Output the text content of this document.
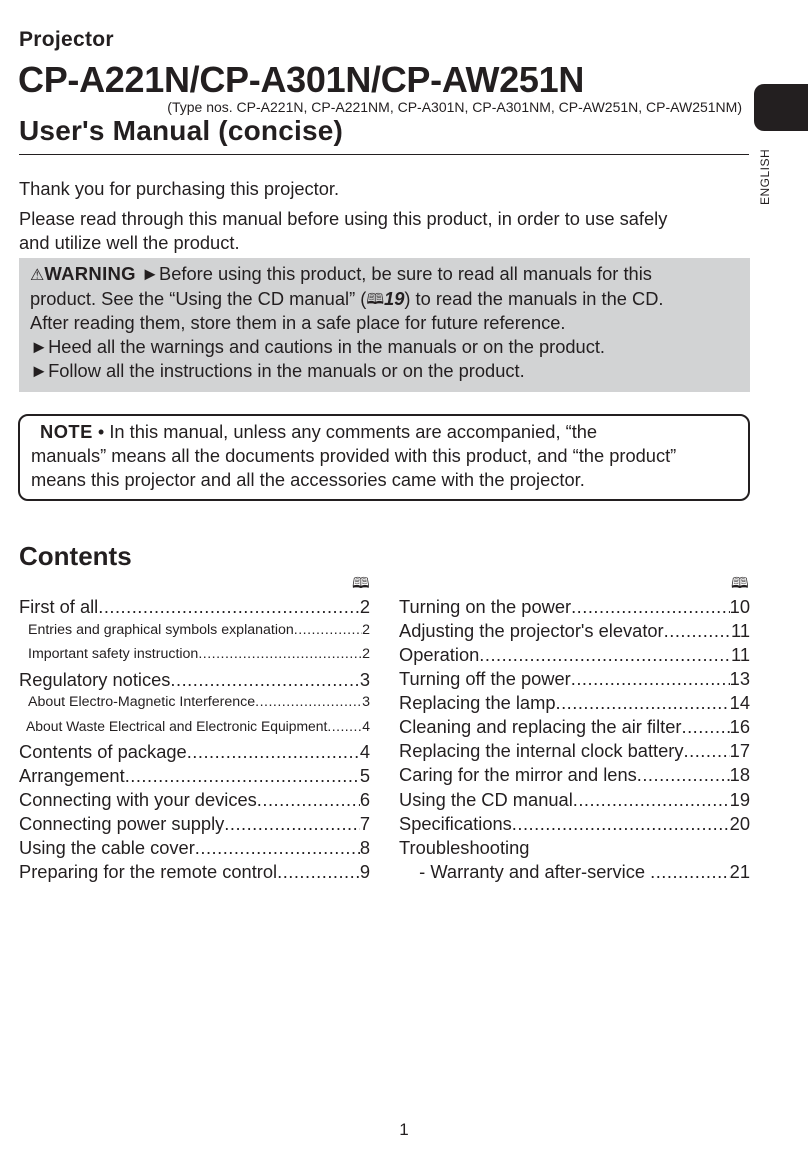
Projector
CP-A221N/CP-A301N/CP-AW251N
(Type nos. CP-A221N, CP-A221NM, CP-A301N, CP-A301NM, CP-AW251N, CP-AW251NM)
User's Manual (concise)
ENGLISH
Thank you for purchasing this projector.
Please read through this manual before using this product, in order to use safely
and utilize well the product.
⚠WARNING ►Before using this product, be sure to read all manuals for this
product. See the “Using the CD manual” (🕮19) to read the manuals in the CD.
After reading them, store them in a safe place for future reference.
►Heed all the warnings and cautions in the manuals or on the product.
►Follow all the instructions in the manuals or on the product.
NOTE • In this manual, unless any comments are accompanied, “the
manuals” means all the documents provided with this product, and “the product”
means this projector and all the accessories came with the projector.
Contents
🕮	🕮
First of all .....	2
Entries and graphical symbols explanation .....	2
Important safety instruction .....	2
Regulatory notices .....	3
About Electro-Magnetic Interference .....	3
About Waste Electrical and Electronic Equipment .....	4
Contents of package .....	4
Arrangement .....	5
Connecting with your devices .....	6
Connecting power supply .....	7
Using the cable cover .....	8
Preparing for the remote control .....	9
Turning on the power .....	10
Adjusting the projector's elevator .....	11
Operation .....	11
Turning off the power .....	13
Replacing the lamp .....	14
Cleaning and replacing the air filter .....	16
Replacing the internal clock battery .....	17
Caring for the mirror and lens .....	18
Using the CD manual .....	19
Specifications .....	20
Troubleshooting
- Warranty and after-service .....	21
1
